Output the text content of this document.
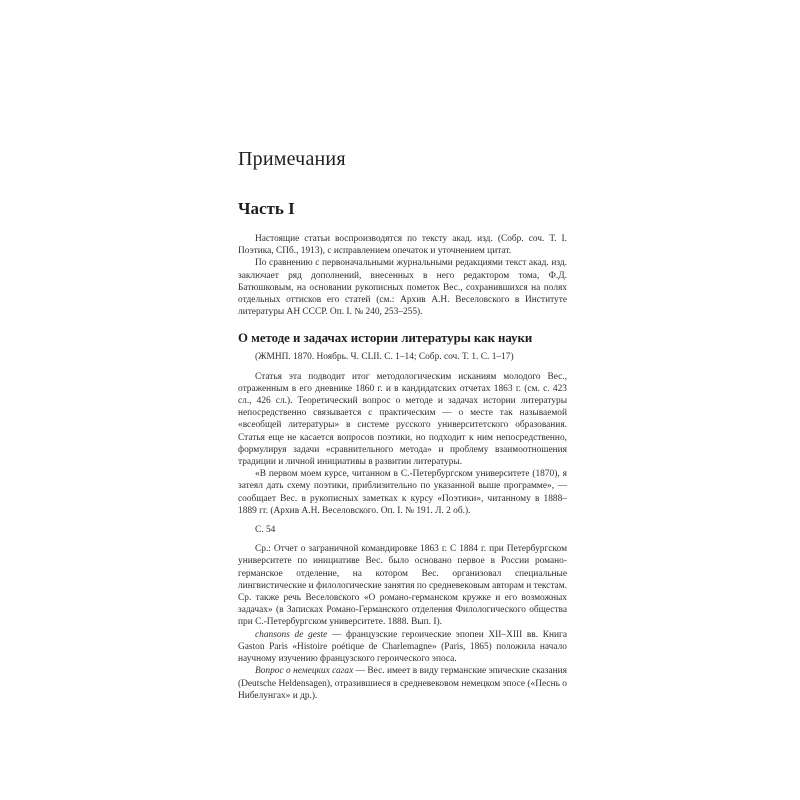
Примечания
Часть I

Настоящие статьи воспроизводятся по тексту акад. изд. (Собр. соч. Т. I. Поэтика, СПб., 1913), с исправлением опечаток и уточнением цитат.

По сравнению с первоначальными журнальными редакциями текст акад. изд. заключает ряд дополнений, внесенных в него редактором тома, Ф.Д. Батюшковым, на основании рукописных пометок Вес., сохранившихся на полях отдельных оттисков его статей (см.: Архив А.Н. Веселовского в Институте литературы АН СССР. Оп. I. № 240, 253–255).

О методе и задачах истории литературы как науки

(ЖМНП. 1870. Ноябрь. Ч. CLII. С. 1–14; Собр. соч. Т. 1. С. 1–17)

Статья эта подводит итог методологическим исканиям молодого Вес., отраженным в его дневнике 1860 г. и в кандидатских отчетах 1863 г. (см. с. 423 сл., 426 сл.). Теоретический вопрос о методе и задачах истории литературы непосредственно связывается с практическим — о месте так называемой «всеобщей литературы» в системе русского университетского образования. Статья еще не касается вопросов поэтики, но подходит к ним непосредственно, формулируя задачи «сравнительного метода» и проблему взаимоотношения традиции и личной инициативы в развитии литературы.

«В первом моем курсе, читанном в С.-Петербургском университете (1870), я затеял дать схему поэтики, приблизительно по указанной выше программе», — сообщает Вес. в рукописных заметках к курсу «Поэтики», читанному в 1888–1889 гг. (Архив А.Н. Веселовского. Оп. I. № 191. Л. 2 об.).

С. 54

Ср.: Отчет о заграничной командировке 1863 г. С 1884 г. при Петербургском университете по инициативе Вес. было основано первое в России романо-германское отделение, на котором Вес. организовал специальные лингвистические и филологические занятия по средневековым авторам и текстам. Ср. также речь Веселовского «О романо-германском кружке и его возможных задачах» (в Записках Романо-Германского отделения Филологического общества при С.-Петербургском университете. 1888. Вып. I).

chansons de geste — французские героические эпопеи XII–XIII вв. Книга Gaston Paris «Histoire poétique de Charlemagne» (Paris, 1865) положила начало научному изучению французского героического эпоса.

Вопрос о немецких сагах — Вес. имеет в виду германские эпические сказания (Deutsche Heldensagen), отразившиеся в средневековом немецком эпосе («Песнь о Нибелунгах» и др.).
